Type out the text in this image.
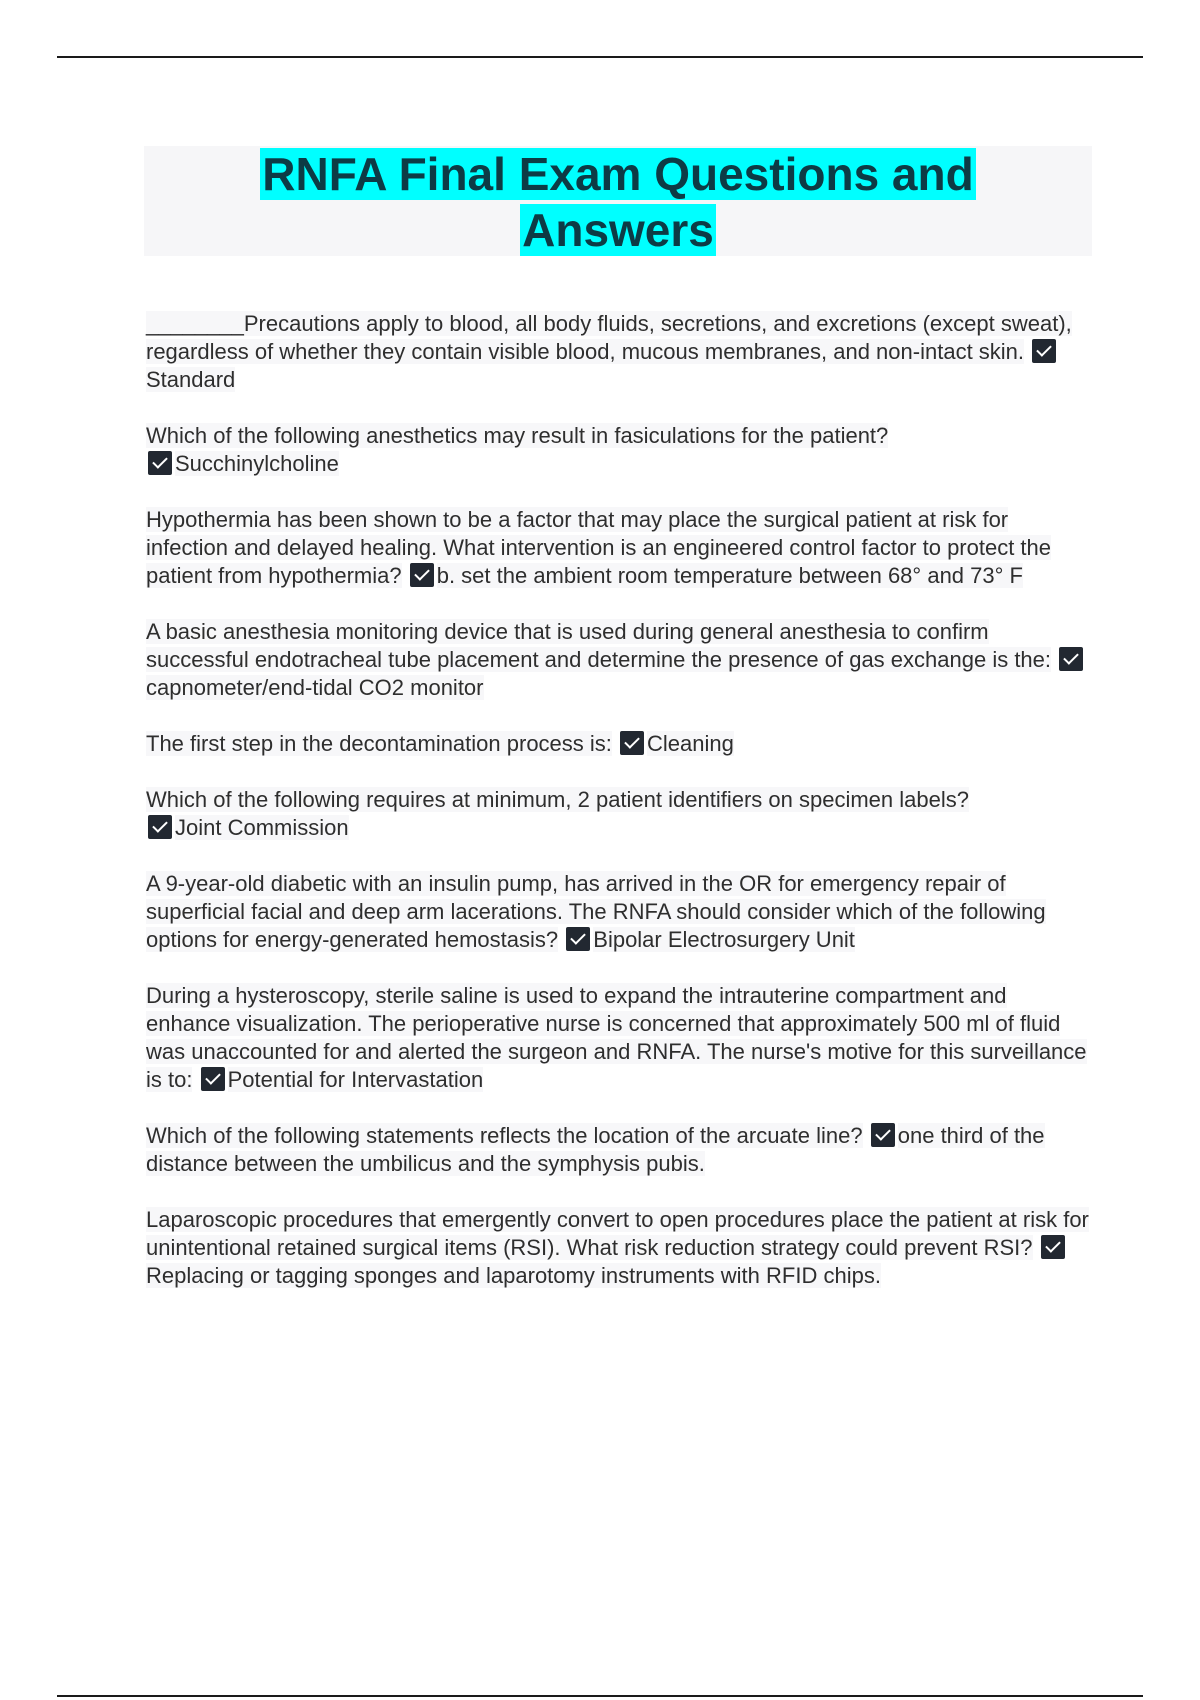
RNFA Final Exam Questions and
Answers
________Precautions apply to blood, all body fluids, secretions, and excretions (except sweat), regardless of whether they contain visible blood, mucous membranes, and non-intact skin. Standard
Which of the following anesthetics may result in fasiculations for the patient?
Succhinylcholine
Hypothermia has been shown to be a factor that may place the surgical patient at risk for infection and delayed healing. What intervention is an engineered control factor to protect the patient from hypothermia? b. set the ambient room temperature between 68° and 73° F
A basic anesthesia monitoring device that is used during general anesthesia to confirm successful endotracheal tube placement and determine the presence of gas exchange is the: capnometer/end-tidal CO2 monitor
The first step in the decontamination process is: Cleaning
Which of the following requires at minimum, 2 patient identifiers on specimen labels?
Joint Commission
A 9-year-old diabetic with an insulin pump, has arrived in the OR for emergency repair of superficial facial and deep arm lacerations. The RNFA should consider which of the following options for energy-generated hemostasis? Bipolar Electrosurgery Unit
During a hysteroscopy, sterile saline is used to expand the intrauterine compartment and enhance visualization. The perioperative nurse is concerned that approximately 500 ml of fluid was unaccounted for and alerted the surgeon and RNFA. The nurse's motive for this surveillance is to: Potential for Intervastation
Which of the following statements reflects the location of the arcuate line? one third of the distance between the umbilicus and the symphysis pubis.
Laparoscopic procedures that emergently convert to open procedures place the patient at risk for unintentional retained surgical items (RSI). What risk reduction strategy could prevent RSI? Replacing or tagging sponges and laparotomy instruments with RFID chips.
